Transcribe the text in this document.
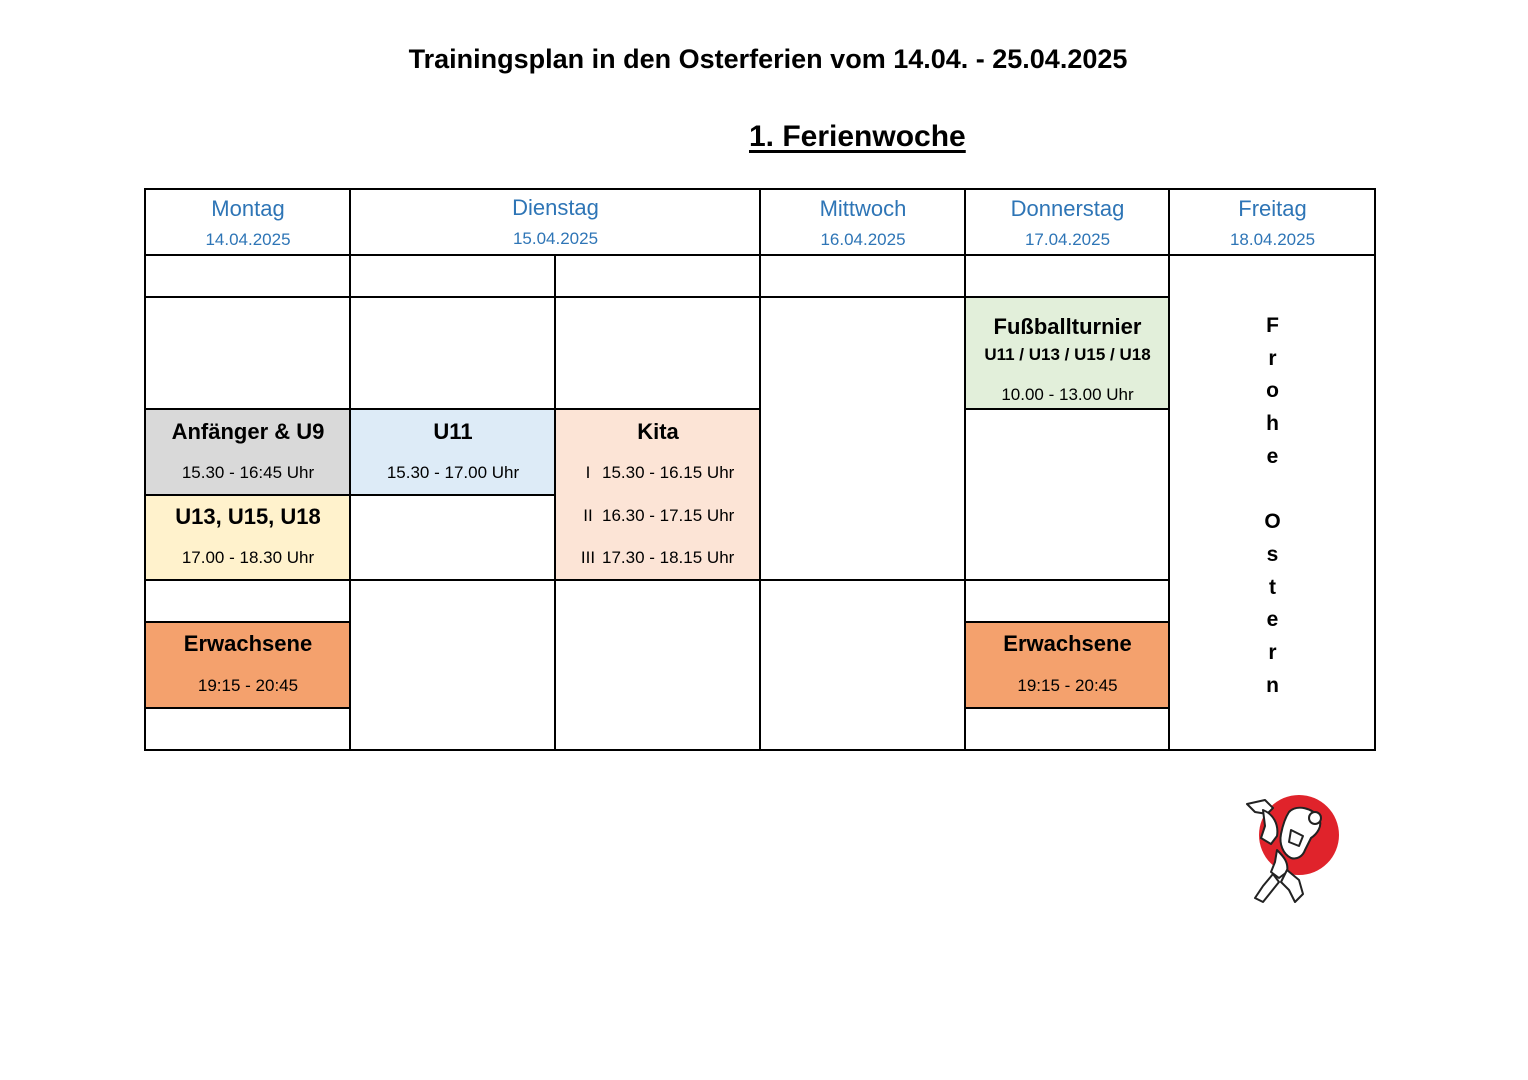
Trainingsplan in den Osterferien vom 14.04. - 25.04.2025
1. Ferienwoche
Anfänger & U9
15.30 - 16:45 Uhr
U13, U15, U18
17.00 - 18.30 Uhr
Erwachsene
19:15 - 20:45
U11
15.30 - 17.00 Uhr
Kita
I 15.30 - 16.15 Uhr
II 16.30 - 17.15 Uhr
III 17.30 - 18.15 Uhr
Fußballturnier
U11 / U13 / U15 / U18
10.00 - 13.00 Uhr
Erwachsene
19:15 - 20:45
Montag
14.04.2025
Dienstag
15.04.2025
Mittwoch
16.04.2025
Donnerstag
17.04.2025
Freitag
18.04.2025
F
r
o
h
e
O
s
t
e
r
n
